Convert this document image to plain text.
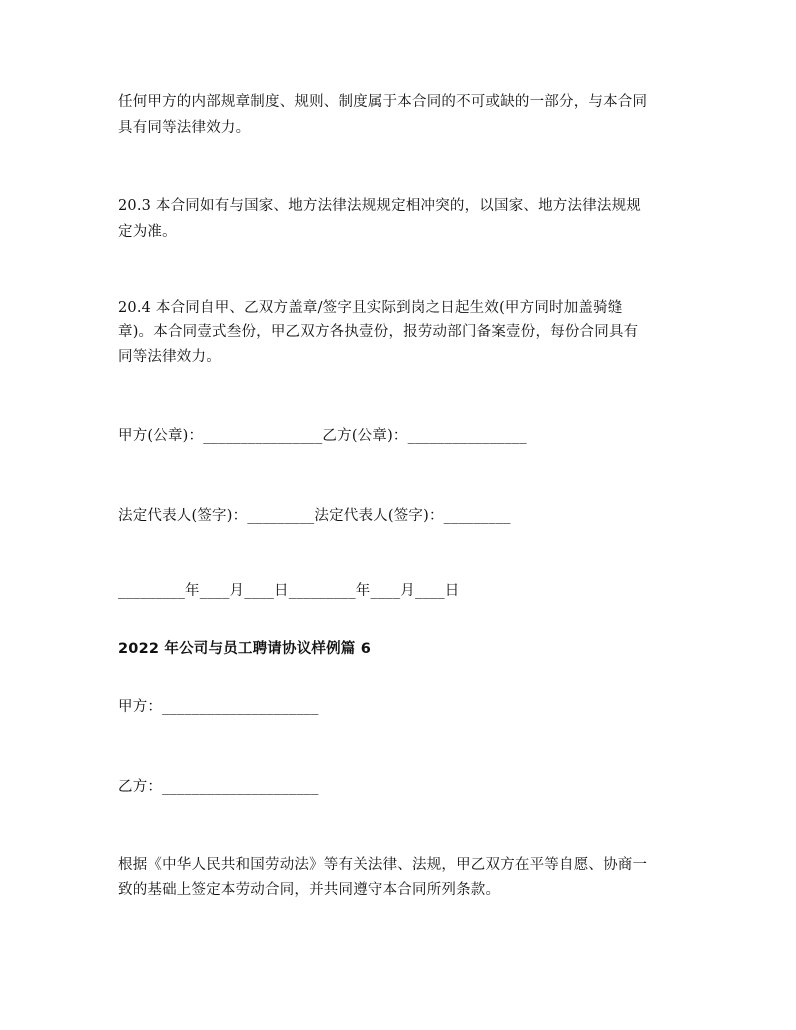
任何甲方的内部规章制度、规则、制度属于本合同的不可或缺的一部分，与本合同
具有同等法律效力。
20.3 本合同如有与国家、地方法律法规规定相冲突的，以国家、地方法律法规规
定为准。
20.4 本合同自甲、乙双方盖章/签字且实际到岗之日起生效(甲方同时加盖骑缝
章)。本合同壹式叁份，甲乙双方各执壹份，报劳动部门备案壹份，每份合同具有
同等法律效力。
甲方(公章)：________________乙方(公章)：________________
法定代表人(签字)：_________法定代表人(签字)：_________
_________年____月____日_________年____月____日
2022 年公司与员工聘请协议样例篇 6
甲方：_____________________
乙方：_____________________
根据《中华人民共和国劳动法》等有关法律、法规，甲乙双方在平等自愿、协商一
致的基础上签定本劳动合同，并共同遵守本合同所列条款。
